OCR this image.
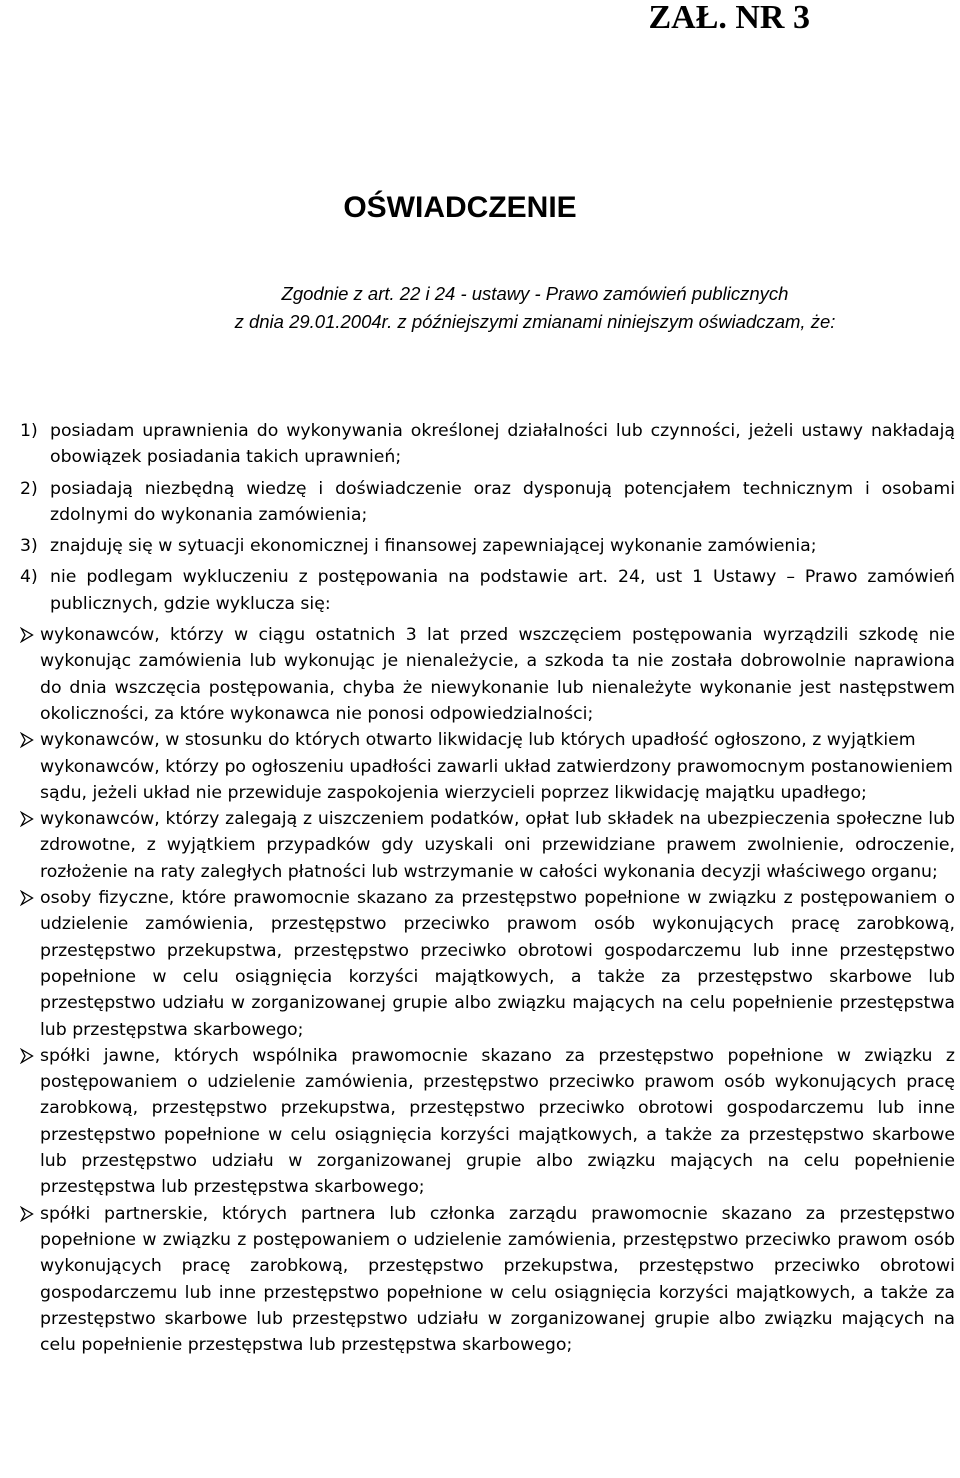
ZAŁ. NR 3

OŚWIADCZENIE
Zgodnie z art. 22 i 24 - ustawy - Prawo zamówień publicznych
z dnia 29.01.2004r. z późniejszymi zmianami niniejszym oświadczam, że:
1) posiadam uprawnienia do wykonywania określonej działalności lub czynności, jeżeli ustawy nakładają obowiązek posiadania takich uprawnień;
2) posiadają niezbędną wiedzę i doświadczenie oraz dysponują potencjałem technicznym i osobami zdolnymi do wykonania zamówienia;
3) znajduję się w sytuacji ekonomicznej i finansowej zapewniającej wykonanie zamówienia;
4) nie podlegam wykluczeniu z postępowania na podstawie art. 24, ust 1 Ustawy – Prawo zamówień publicznych, gdzie wyklucza się:
wykonawców, którzy w ciągu ostatnich 3 lat przed wszczęciem postępowania wyrządzili szkodę nie wykonując zamówienia lub wykonując je nienależycie, a szkoda ta nie została dobrowolnie naprawiona do dnia wszczęcia postępowania, chyba że niewykonanie lub nienależyte wykonanie jest następstwem okoliczności, za które wykonawca nie ponosi odpowiedzialności;
wykonawców, w stosunku do których otwarto likwidację lub których upadłość ogłoszono, z wyjątkiem wykonawców, którzy po ogłoszeniu upadłości zawarli układ zatwierdzony prawomocnym postanowieniem sądu, jeżeli układ nie przewiduje zaspokojenia wierzycieli poprzez likwidację majątku upadłego;
wykonawców, którzy zalegają z uiszczeniem podatków, opłat lub składek na ubezpieczenia społeczne lub zdrowotne, z wyjątkiem przypadków gdy uzyskali oni przewidziane prawem zwolnienie, odroczenie, rozłożenie na raty zaległych płatności lub wstrzymanie w całości wykonania decyzji właściwego organu;
osoby fizyczne, które prawomocnie skazano za przestępstwo popełnione w związku z postępowaniem o udzielenie zamówienia, przestępstwo przeciwko prawom osób wykonujących pracę zarobkową, przestępstwo przekupstwa, przestępstwo przeciwko obrotowi gospodarczemu lub inne przestępstwo popełnione w celu osiągnięcia korzyści majątkowych, a także za przestępstwo skarbowe lub przestępstwo udziału w zorganizowanej grupie albo związku mających na celu popełnienie przestępstwa lub przestępstwa skarbowego;
spółki jawne, których wspólnika prawomocnie skazano za przestępstwo popełnione w związku z postępowaniem o udzielenie zamówienia, przestępstwo przeciwko prawom osób wykonujących pracę zarobkową, przestępstwo przekupstwa, przestępstwo przeciwko obrotowi gospodarczemu lub inne przestępstwo popełnione w celu osiągnięcia korzyści majątkowych, a także za przestępstwo skarbowe lub przestępstwo udziału w zorganizowanej grupie albo związku mających na celu popełnienie przestępstwa lub przestępstwa skarbowego;
spółki partnerskie, których partnera lub członka zarządu prawomocnie skazano za przestępstwo popełnione w związku z postępowaniem o udzielenie zamówienia, przestępstwo przeciwko prawom osób wykonujących pracę zarobkową, przestępstwo przekupstwa, przestępstwo przeciwko obrotowi gospodarczemu lub inne przestępstwo popełnione w celu osiągnięcia korzyści majątkowych, a także za przestępstwo skarbowe lub przestępstwo udziału w zorganizowanej grupie albo związku mających na celu popełnienie przestępstwa lub przestępstwa skarbowego;
